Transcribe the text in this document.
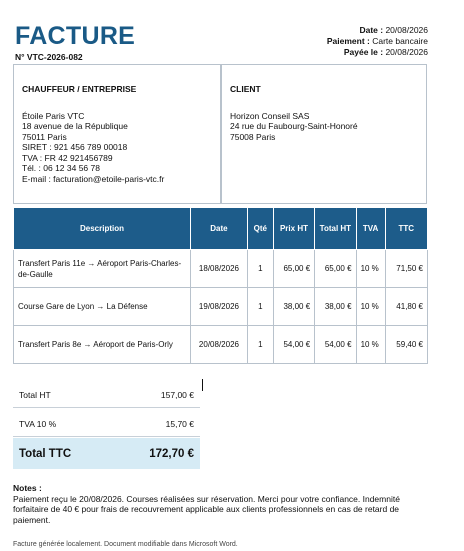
FACTURE
N° VTC-2026-082
Date : 20/08/2026
Paiement : Carte bancaire
Payée le : 20/08/2026
CHAUFFEUR / ENTREPRISE
Étoile Paris VTC
18 avenue de la République
75011 Paris
SIRET : 921 456 789 00018
TVA : FR 42 921456789
Tél. : 06 12 34 56 78
E-mail : facturation@etoile-paris-vtc.fr
CLIENT
Horizon Conseil SAS
24 rue du Faubourg-Saint-Honoré
75008 Paris
Description	Date	Qté	Prix HT	Total HT	TVA	TTC
Transfert Paris 11e → Aéroport Paris-Charles-de-Gaulle	18/08/2026	1	65,00 €	65,00 €	10 %	71,50 €
Course Gare de Lyon → La Défense	19/08/2026	1	38,00 €	38,00 €	10 %	41,80 €
Transfert Paris 8e → Aéroport de Paris-Orly	20/08/2026	1	54,00 €	54,00 €	10 %	59,40 €
Total HT	157,00 €
TVA 10 %	15,70 €
Total TTC	172,70 €
Notes :
Paiement reçu le 20/08/2026. Courses réalisées sur réservation. Merci pour votre confiance. Indemnité forfaitaire de 40 € pour frais de recouvrement applicable aux clients professionnels en cas de retard de paiement.
Facture générée localement. Document modifiable dans Microsoft Word.
